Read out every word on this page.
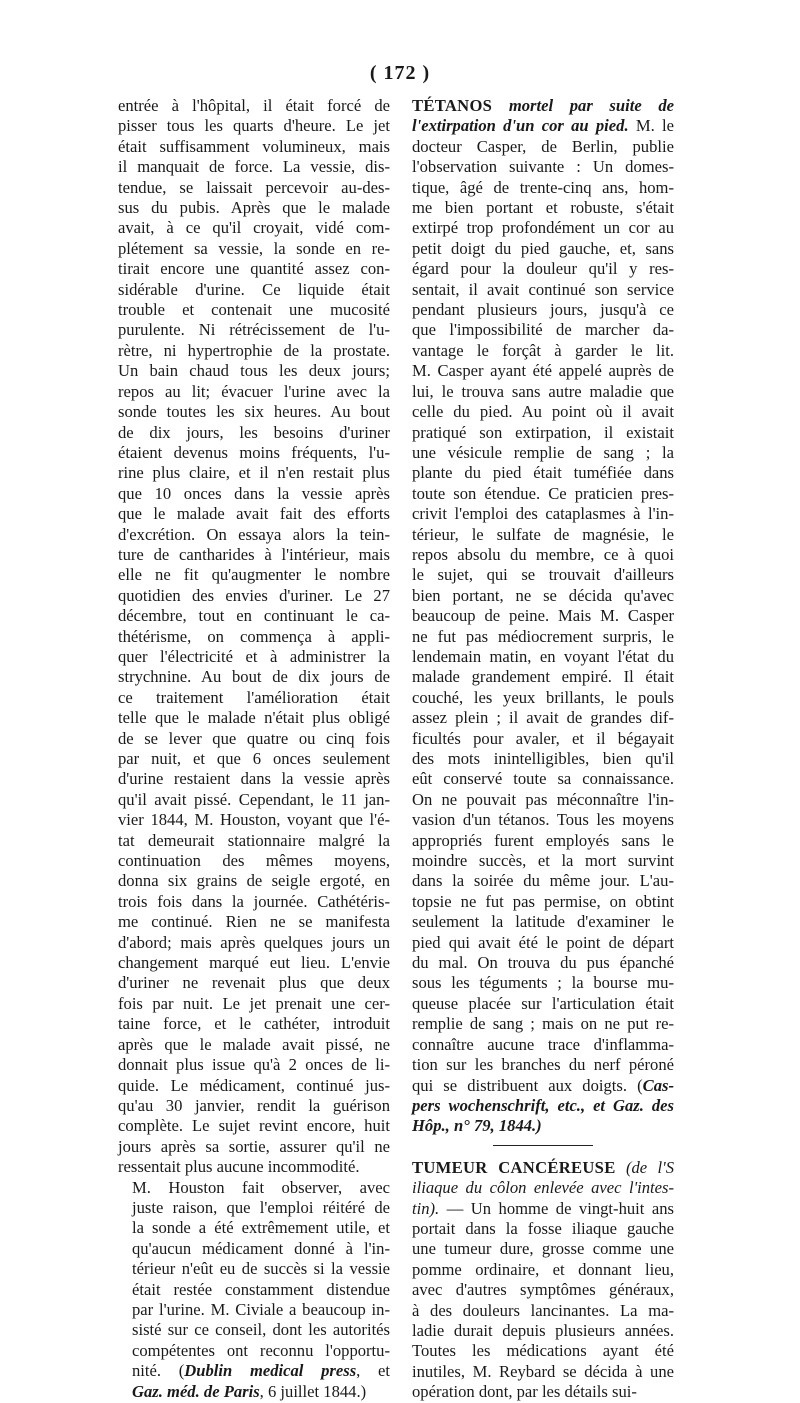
( 172 )

entrée à l'hôpital, il était forcé de
pisser tous les quarts d'heure. Le jet
était suffisamment volumineux, mais
il manquait de force. La vessie, dis-
tendue, se laissait percevoir au-des-
sus du pubis. Après que le malade
avait, à ce qu'il croyait, vidé com-
plétement sa vessie, la sonde en re-
tirait encore une quantité assez con-
sidérable d'urine. Ce liquide était
trouble et contenait une mucosité
purulente. Ni rétrécissement de l'u-
rètre, ni hypertrophie de la prostate.
Un bain chaud tous les deux jours;
repos au lit; évacuer l'urine avec la
sonde toutes les six heures. Au bout
de dix jours, les besoins d'uriner
étaient devenus moins fréquents, l'u-
rine plus claire, et il n'en restait plus
que 10 onces dans la vessie après
que le malade avait fait des efforts
d'excrétion. On essaya alors la tein-
ture de cantharides à l'intérieur, mais
elle ne fit qu'augmenter le nombre
quotidien des envies d'uriner. Le 27
décembre, tout en continuant le ca-
thétérisme, on commença à appli-
quer l'électricité et à administrer la
strychnine. Au bout de dix jours de
ce traitement l'amélioration était
telle que le malade n'était plus obligé
de se lever que quatre ou cinq fois
par nuit, et que 6 onces seulement
d'urine restaient dans la vessie après
qu'il avait pissé. Cependant, le 11 jan-
vier 1844, M. Houston, voyant que l'é-
tat demeurait stationnaire malgré la
continuation des mêmes moyens,
donna six grains de seigle ergoté, en
trois fois dans la journée. Cathétéris-
me continué. Rien ne se manifesta
d'abord; mais après quelques jours un
changement marqué eut lieu. L'envie
d'uriner ne revenait plus que deux
fois par nuit. Le jet prenait une cer-
taine force, et le cathéter, introduit
après que le malade avait pissé, ne
donnait plus issue qu'à 2 onces de li-
quide. Le médicament, continué jus-
qu'au 30 janvier, rendit la guérison
complète. Le sujet revint encore, huit
jours après sa sortie, assurer qu'il ne
ressentait plus aucune incommodité.

M. Houston fait observer, avec
juste raison, que l'emploi réitéré de
la sonde a été extrêmement utile, et
qu'aucun médicament donné à l'in-
térieur n'eût eu de succès si la vessie
était restée constamment distendue
par l'urine. M. Civiale a beaucoup in-
sisté sur ce conseil, dont les autorités
compétentes ont reconnu l'opportu-
nité. (Dublin medical press, et
Gaz. méd. de Paris, 6 juillet 1844.)

TÉTANOS mortel par suite de
l'extirpation d'un cor au pied. M. le
docteur Casper, de Berlin, publie
l'observation suivante : Un domes-
tique, âgé de trente-cinq ans, hom-
me bien portant et robuste, s'était
extirpé trop profondément un cor au
petit doigt du pied gauche, et, sans
égard pour la douleur qu'il y res-
sentait, il avait continué son service
pendant plusieurs jours, jusqu'à ce
que l'impossibilité de marcher da-
vantage le forçât à garder le lit.
M. Casper ayant été appelé auprès de
lui, le trouva sans autre maladie que
celle du pied. Au point où il avait
pratiqué son extirpation, il existait
une vésicule remplie de sang ; la
plante du pied était tuméfiée dans
toute son étendue. Ce praticien pres-
crivit l'emploi des cataplasmes à l'in-
térieur, le sulfate de magnésie, le
repos absolu du membre, ce à quoi
le sujet, qui se trouvait d'ailleurs
bien portant, ne se décida qu'avec
beaucoup de peine. Mais M. Casper
ne fut pas médiocrement surpris, le
lendemain matin, en voyant l'état du
malade grandement empiré. Il était
couché, les yeux brillants, le pouls
assez plein ; il avait de grandes dif-
ficultés pour avaler, et il bégayait
des mots inintelligibles, bien qu'il
eût conservé toute sa connaissance.
On ne pouvait pas méconnaître l'in-
vasion d'un tétanos. Tous les moyens
appropriés furent employés sans le
moindre succès, et la mort survint
dans la soirée du même jour. L'au-
topsie ne fut pas permise, on obtint
seulement la latitude d'examiner le
pied qui avait été le point de départ
du mal. On trouva du pus épanché
sous les téguments ; la bourse mu-
queuse placée sur l'articulation était
remplie de sang ; mais on ne put re-
connaître aucune trace d'inflamma-
tion sur les branches du nerf péroné
qui se distribuent aux doigts. (Cas-
pers wochenschrift, etc., et Gaz. des
Hôp., n° 79, 1844.)

TUMEUR CANCÉREUSE (de l'S
iliaque du côlon enlevée avec l'intes-
tin). — Un homme de vingt-huit ans
portait dans la fosse iliaque gauche
une tumeur dure, grosse comme une
pomme ordinaire, et donnant lieu,
avec d'autres symptômes généraux,
à des douleurs lancinantes. La ma-
ladie durait depuis plusieurs années.
Toutes les médications ayant été
inutiles, M. Reybard se décida à une
opération dont, par les détails sui-
